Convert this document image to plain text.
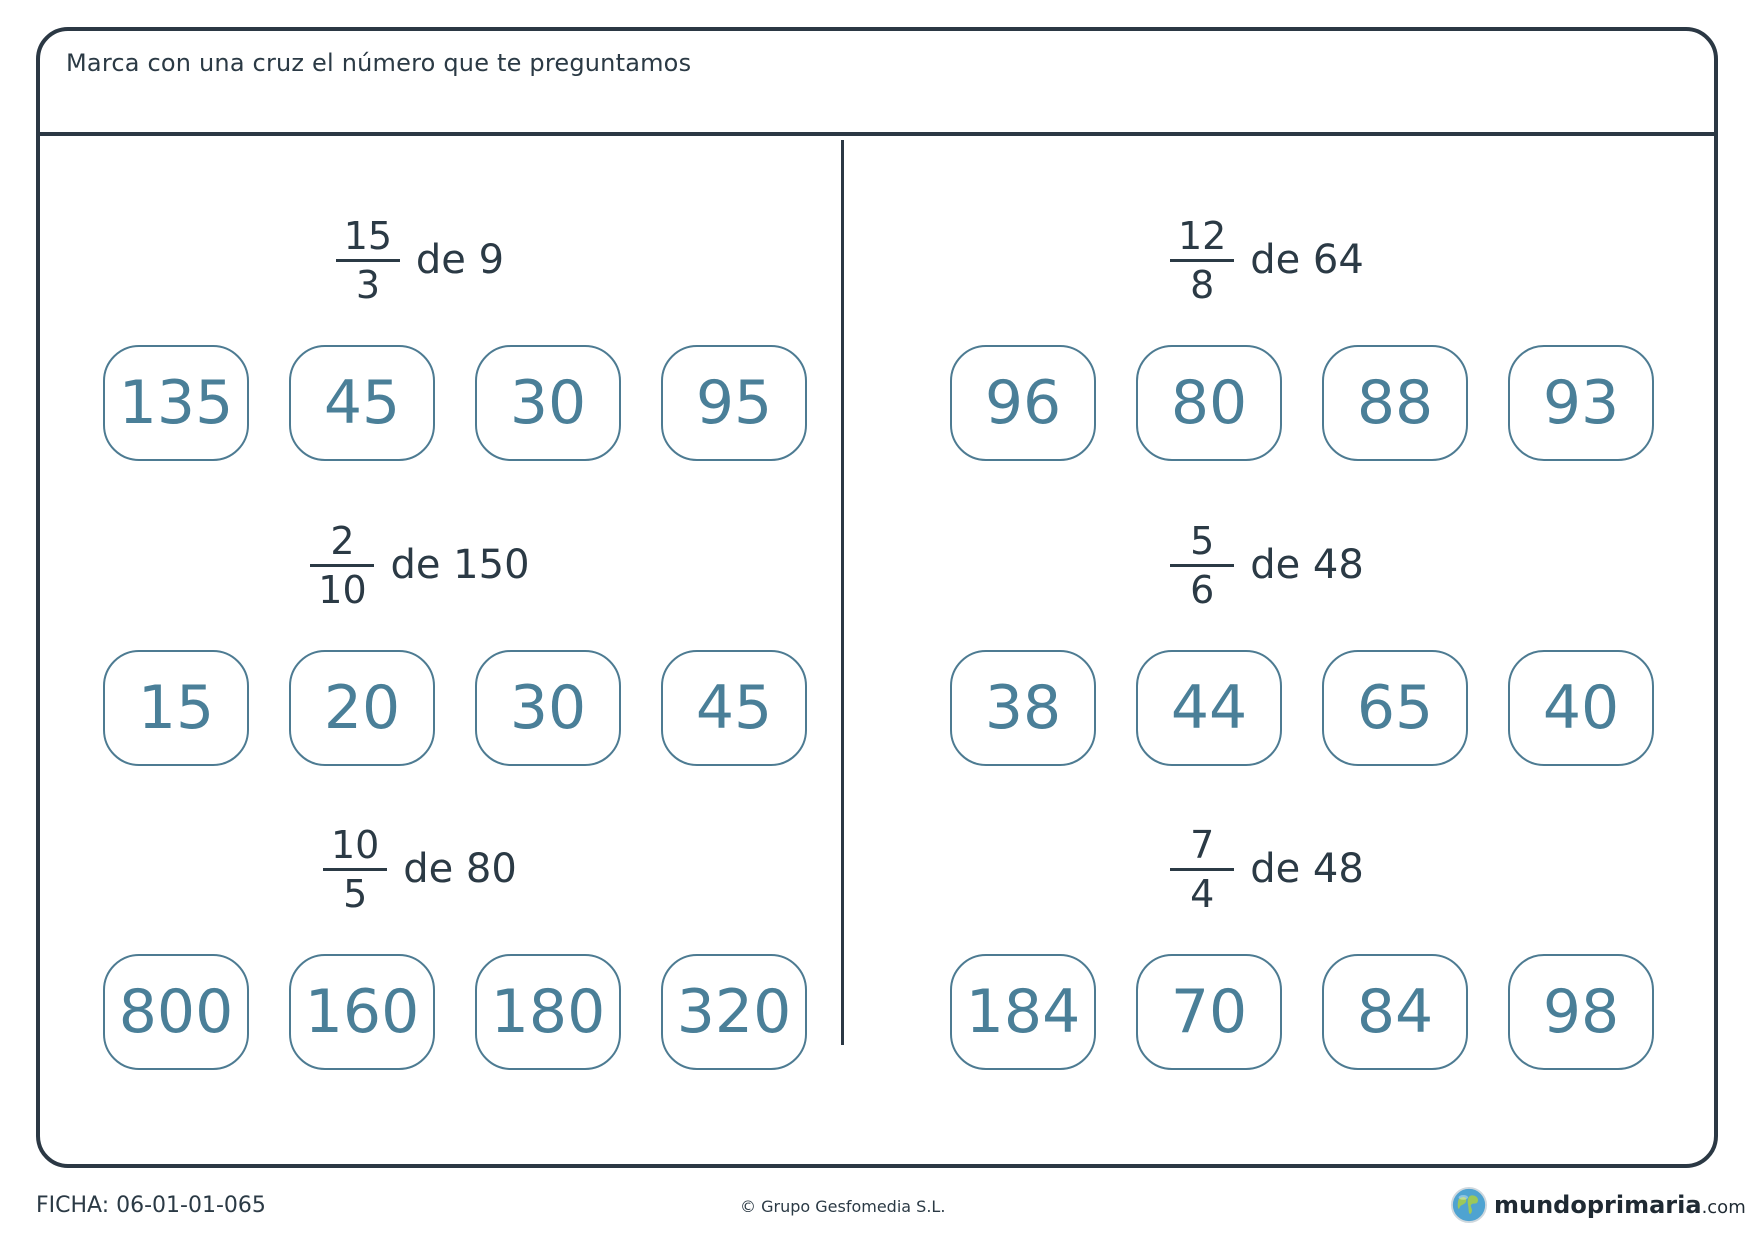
Marca con una cruz el número que te preguntamos
$\frac{15}{3}$ de 9
135	45	30	95
$\frac{2}{10}$ de 150
15	20	30	45
$\frac{10}{5}$ de 80
800 160 180 320
$\frac{12}{8}$ de 64
96	80	88	93
$\frac{5}{6}$ de 48
38	44	65	40
$\frac{7}{4}$ de 48
184	70	84	98
FICHA: 06-01-01-065	© Grupo Gesfomedia S.L.	mundoprimaria.com
